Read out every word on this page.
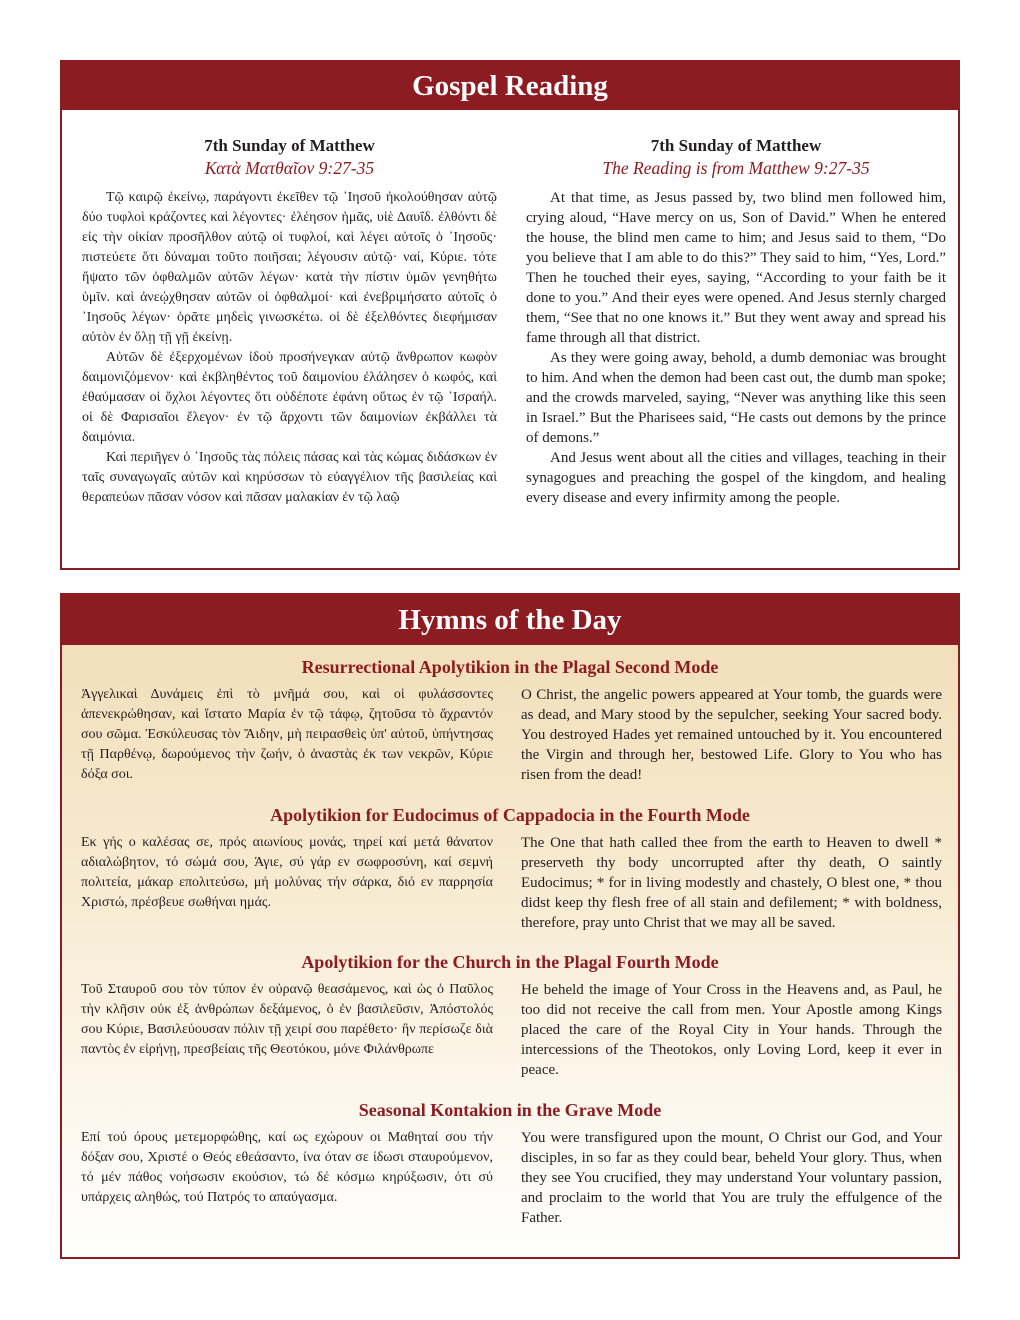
Gospel Reading
7th Sunday of Matthew
Κατὰ Ματθαῖον 9:27-35

Τῷ καιρῷ ἐκείνῳ, παράγοντι ἐκεῖθεν τῷ ᾿Ιησοῦ ἠκολούθησαν αὐτῷ δύο τυφλοὶ κράζοντες καὶ λέγοντες· ἐλέησον ἡμᾶς, υἱὲ Δαυΐδ. ἐλθόντι δὲ εἰς τὴν οἰκίαν προσῆλθον αὐτῷ οἱ τυφλοί, καὶ λέγει αὐτοῖς ὁ ᾿Ιησοῦς· πιστεύετε ὅτι δύναμαι τοῦτο ποιῆσαι; λέγουσιν αὐτῷ· ναί, Κύριε. τότε ἥψατο τῶν ὀφθαλμῶν αὐτῶν λέγων· κατὰ τὴν πίστιν ὑμῶν γενηθήτω ὑμῖν. καὶ ἀνεῴχθησαν αὐτῶν οἱ ὀφθαλμοί· καὶ ἐνεβριμήσατο αὐτοῖς ὁ ᾿Ιησοῦς λέγων· ὁρᾶτε μηδεὶς γινωσκέτω. οἱ δὲ ἐξελθόντες διεφήμισαν αὐτὸν ἐν ὅλῃ τῇ γῇ ἐκείνῃ.

Αὐτῶν δὲ ἐξερχομένων ἰδοὺ προσήνεγκαν αὐτῷ ἄνθρωπον κωφὸν δαιμονιζόμενον· καὶ ἐκβληθέντος τοῦ δαιμονίου ἐλάλησεν ὁ κωφός, καὶ ἐθαύμασαν οἱ ὄχλοι λέγοντες ὅτι οὐδέποτε ἐφάνη οὕτως ἐν τῷ ᾿Ισραήλ. οἱ δὲ Φαρισαῖοι ἔλεγον· ἐν τῷ ἄρχοντι τῶν δαιμονίων ἐκβάλλει τὰ δαιμόνια.

Καὶ περιῆγεν ὁ ᾿Ιησοῦς τὰς πόλεις πάσας καὶ τὰς κώμας διδάσκων ἐν ταῖς συναγωγαῖς αὐτῶν καὶ κηρύσσων τὸ εὐαγγέλιον τῆς βασιλείας καὶ θεραπεύων πᾶσαν νόσον καὶ πᾶσαν μαλακίαν ἐν τῷ λαῷ

7th Sunday of Matthew
The Reading is from Matthew 9:27-35

At that time, as Jesus passed by, two blind men followed him, crying aloud, “Have mercy on us, Son of David.” When he entered the house, the blind men came to him; and Jesus said to them, “Do you believe that I am able to do this?” They said to him, “Yes, Lord.” Then he touched their eyes, saying, “According to your faith be it done to you.” And their eyes were opened. And Jesus sternly charged them, “See that no one knows it.” But they went away and spread his fame through all that district.

As they were going away, behold, a dumb demoniac was brought to him. And when the demon had been cast out, the dumb man spoke; and the crowds marveled, saying, “Never was anything like this seen in Israel.” But the Pharisees said, “He casts out demons by the prince of demons.”

And Jesus went about all the cities and villages, teaching in their synagogues and preaching the gospel of the kingdom, and healing every disease and every infirmity among the people.

Hymns of the Day
Resurrectional Apolytikion in the Plagal Second Mode

Ἀγγελικαὶ Δυνάμεις ἐπὶ τὸ μνῆμά σου, καὶ οἱ φυλάσσοντες ἀπενεκρώθησαν, καὶ ἵστατο Μαρία ἐν τῷ τάφῳ, ζητοῦσα τὸ ἄχραντόν σου σῶμα. Ἐσκύλευσας τὸν Ἅιδην, μὴ πειρασθεὶς ὑπ' αὐτοῦ, ὑπήντησας τῇ Παρθένῳ, δωρούμενος τὴν ζωήν, ὁ ἀναστὰς ἐκ των νεκρῶν, Κύριε δόξα σοι.

O Christ, the angelic powers appeared at Your tomb, the guards were as dead, and Mary stood by the sepulcher, seeking Your sacred body. You destroyed Hades yet remained untouched by it. You encountered the Virgin and through her, bestowed Life. Glory to You who has risen from the dead!

Apolytikion for Eudocimus of Cappadocia in the Fourth Mode

Εκ γής ο καλέσας σε, πρός αιωνίους μονάς, τηρεί καί μετά θάνατον αδιαλώβητον, τό σώμά σου, Άγιε, σύ γάρ εν σωφροσύνη, καί σεμνή πολιτεία, μάκαρ επολιτεύσω, μή μολύνας τήν σάρκα, διό εν παρρησία Χριστώ, πρέσβευε σωθήναι ημάς.

The One that hath called thee from the earth to Heaven to dwell * preserveth thy body uncorrupted after thy death, O saintly Eudocimus; * for in living modestly and chastely, O blest one, * thou didst keep thy flesh free of all stain and defilement; * with boldness, therefore, pray unto Christ that we may all be saved.

Apolytikion for the Church in the Plagal Fourth Mode

Τοῦ Σταυροῦ σου τὸν τύπον ἐν οὐρανῷ θεασάμενος, καὶ ὡς ὁ Παῦλος τὴν κλῆσιν οὐκ ἐξ ἀνθρώπων δεξάμενος, ὁ ἐν βασιλεῦσιν, Ἀπόστολός σου Κύριε, Βασιλεύουσαν πόλιν τῇ χειρί σου παρέθετο· ἣν περίσωζε διὰ παντὸς ἐν εἰρήνῃ, πρεσβείαις τῆς Θεοτόκου, μόνε Φιλάνθρωπε

He beheld the image of Your Cross in the Heavens and, as Paul, he too did not receive the call from men. Your Apostle among Kings placed the care of the Royal City in Your hands. Through the intercessions of the Theotokos, only Loving Lord, keep it ever in peace.

Seasonal Kontakion in the Grave Mode

Επί τού όρους μετεμορφώθης, καί ως εχώρουν οι Μαθηταί σου τήν δόξαν σου, Χριστέ ο Θεός εθεάσαντο, ίνα όταν σε ίδωσι σταυρούμενον, τό μέν πάθος νοήσωσιν εκούσιον, τώ δέ κόσμω κηρύξωσιν, ότι σύ υπάρχεις αληθώς, τού Πατρός το απαύγασμα.

You were transfigured upon the mount, O Christ our God, and Your disciples, in so far as they could bear, beheld Your glory. Thus, when they see You crucified, they may understand Your voluntary passion, and proclaim to the world that You are truly the effulgence of the Father.
